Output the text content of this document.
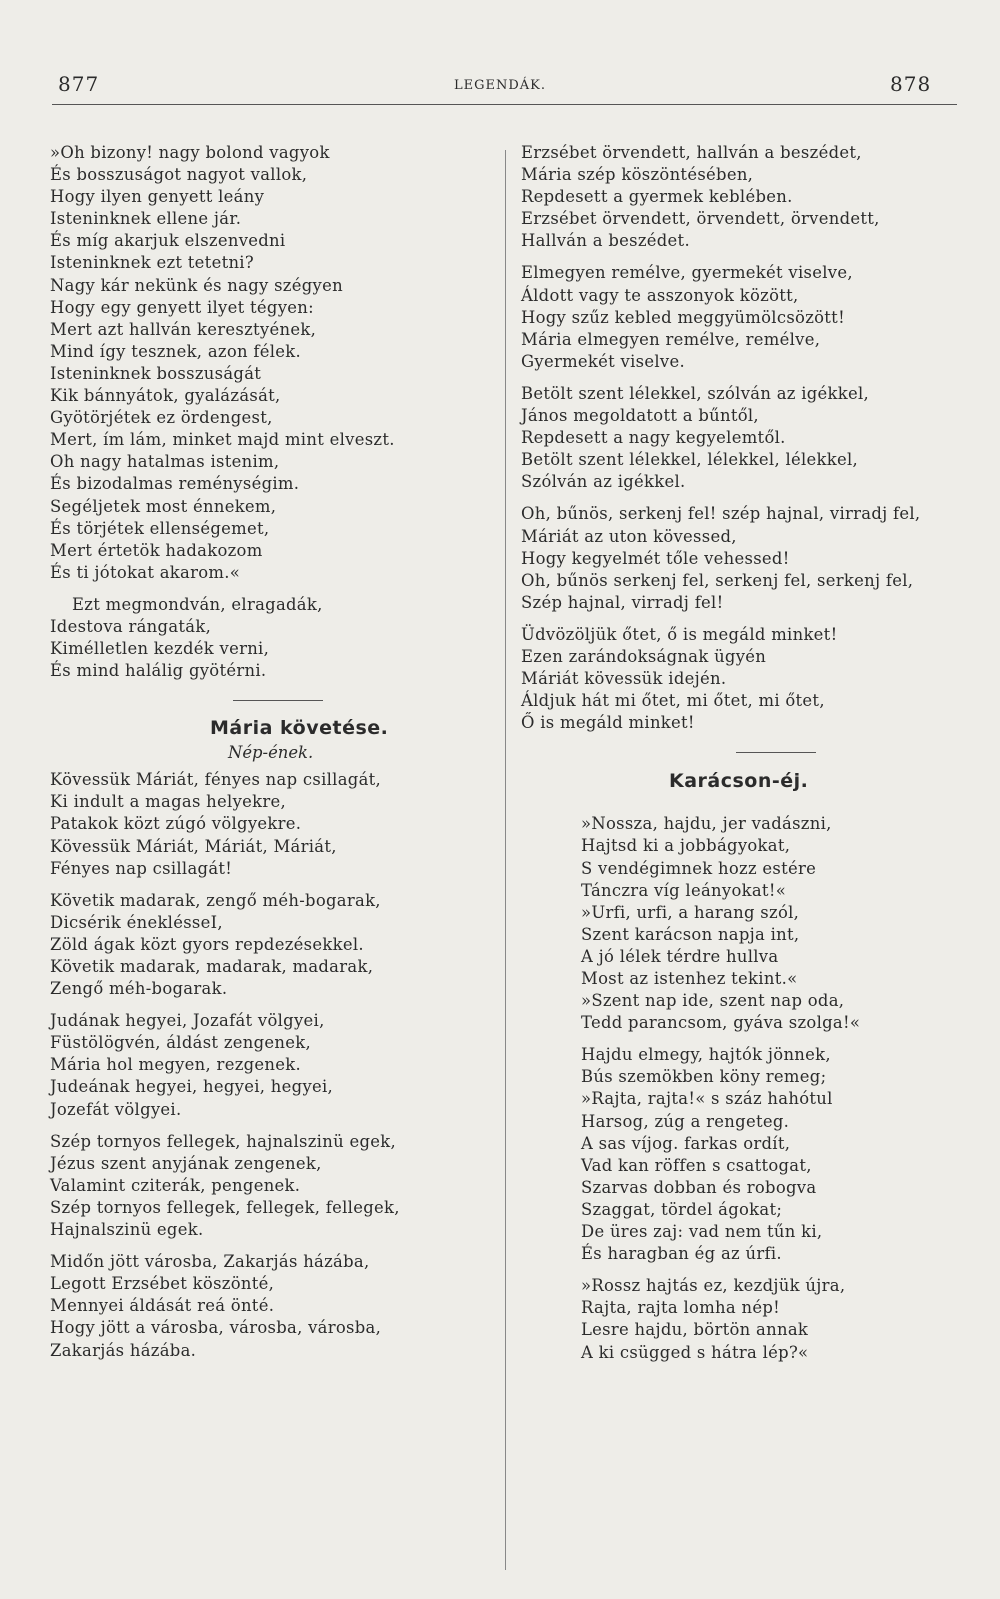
877	LEGENDÁK.	878
»Oh bizony! nagy bolond vagyok
És bosszuságot nagyot vallok,
Hogy ilyen genyett leány
Isteninknek ellene jár.
És míg akarjuk elszenvedni
Isteninknek ezt tetetni?
Nagy kár nekünk és nagy szégyen
Hogy egy genyett ilyet tégyen:
Mert azt hallván keresztyének,
Mind így tesznek, azon félek.
Isteninknek bosszuságát
Kik bánnyátok, gyalázását,
Gyötörjétek ez ördengest,
Mert, ím lám, minket majd mint elveszt.
Oh nagy hatalmas istenim,
És bizodalmas reménységim.
Segéljetek most énnekem,
És törjétek ellenségemet,
Mert értetök hadakozom
És ti jótokat akarom.«
Ezt megmondván, elragadák,
Idestova rángaták,
Kimélletlen kezdék verni,
És mind halálig gyötérni.
Mária követése.
Nép-ének.
Kövessük Máriát, fényes nap csillagát,
Ki indult a magas helyekre,
Patakok közt zúgó völgyekre.
Kövessük Máriát, Máriát, Máriát,
Fényes nap csillagát!
Követik madarak, zengő méh-bogarak,
Dicsérik éneklésseI,
Zöld ágak közt gyors repdezésekkel.
Követik madarak, madarak, madarak,
Zengő méh-bogarak.
Judának hegyei, Jozafát völgyei,
Füstölögvén, áldást zengenek,
Mária hol megyen, rezgenek.
Judeának hegyei, hegyei, hegyei,
Jozefát völgyei.
Szép tornyos fellegek, hajnalszinü egek,
Jézus szent anyjának zengenek,
Valamint cziterák, pengenek.
Szép tornyos fellegek, fellegek, fellegek,
Hajnalszinü egek.
Midőn jött városba, Zakarjás házába,
Legott Erzsébet köszönté,
Mennyei áldását reá önté.
Hogy jött a városba, városba, városba,
Zakarjás házába.
Erzsébet örvendett, hallván a beszédet,
Mária szép köszöntésében,
Repdesett a gyermek keblében.
Erzsébet örvendett, örvendett, örvendett,
Hallván a beszédet.
Elmegyen remélve, gyermekét viselve,
Áldott vagy te asszonyok között,
Hogy szűz kebled meggyümölcsözött!
Mária elmegyen remélve, remélve,
Gyermekét viselve.
Betölt szent lélekkel, szólván az igékkel,
János megoldatott a bűntől,
Repdesett a nagy kegyelemtől.
Betölt szent lélekkel, lélekkel, lélekkel,
Szólván az igékkel.
Oh, bűnös, serkenj fel! szép hajnal, virradj fel,
Máriát az uton kövessed,
Hogy kegyelmét tőle vehessed!
Oh, bűnös serkenj fel, serkenj fel, serkenj fel,
Szép hajnal, virradj fel!
Üdvözöljük őtet, ő is megáld minket!
Ezen zarándokságnak ügyén
Máriát kövessük idején.
Áldjuk hát mi őtet, mi őtet, mi őtet,
Ő is megáld minket!
Karácson-éj.
»Nossza, hajdu, jer vadászni,
Hajtsd ki a jobbágyokat,
S vendégimnek hozz estére
Tánczra víg leányokat!«
»Urfi, urfi, a harang szól,
Szent karácson napja int,
A jó lélek térdre hullva
Most az istenhez tekint.«
»Szent nap ide, szent nap oda,
Tedd parancsom, gyáva szolga!«
Hajdu elmegy, hajtók jönnek,
Bús szemökben köny remeg;
»Rajta, rajta!« s száz hahótul
Harsog, zúg a rengeteg.
A sas víjog. farkas ordít,
Vad kan röffen s csattogat,
Szarvas dobban és robogva
Szaggat, tördel ágokat;
De üres zaj: vad nem tűn ki,
És haragban ég az úrfi.
»Rossz hajtás ez, kezdjük újra,
Rajta, rajta lomha nép!
Lesre hajdu, börtön annak
A ki csügged s hátra lép?«
